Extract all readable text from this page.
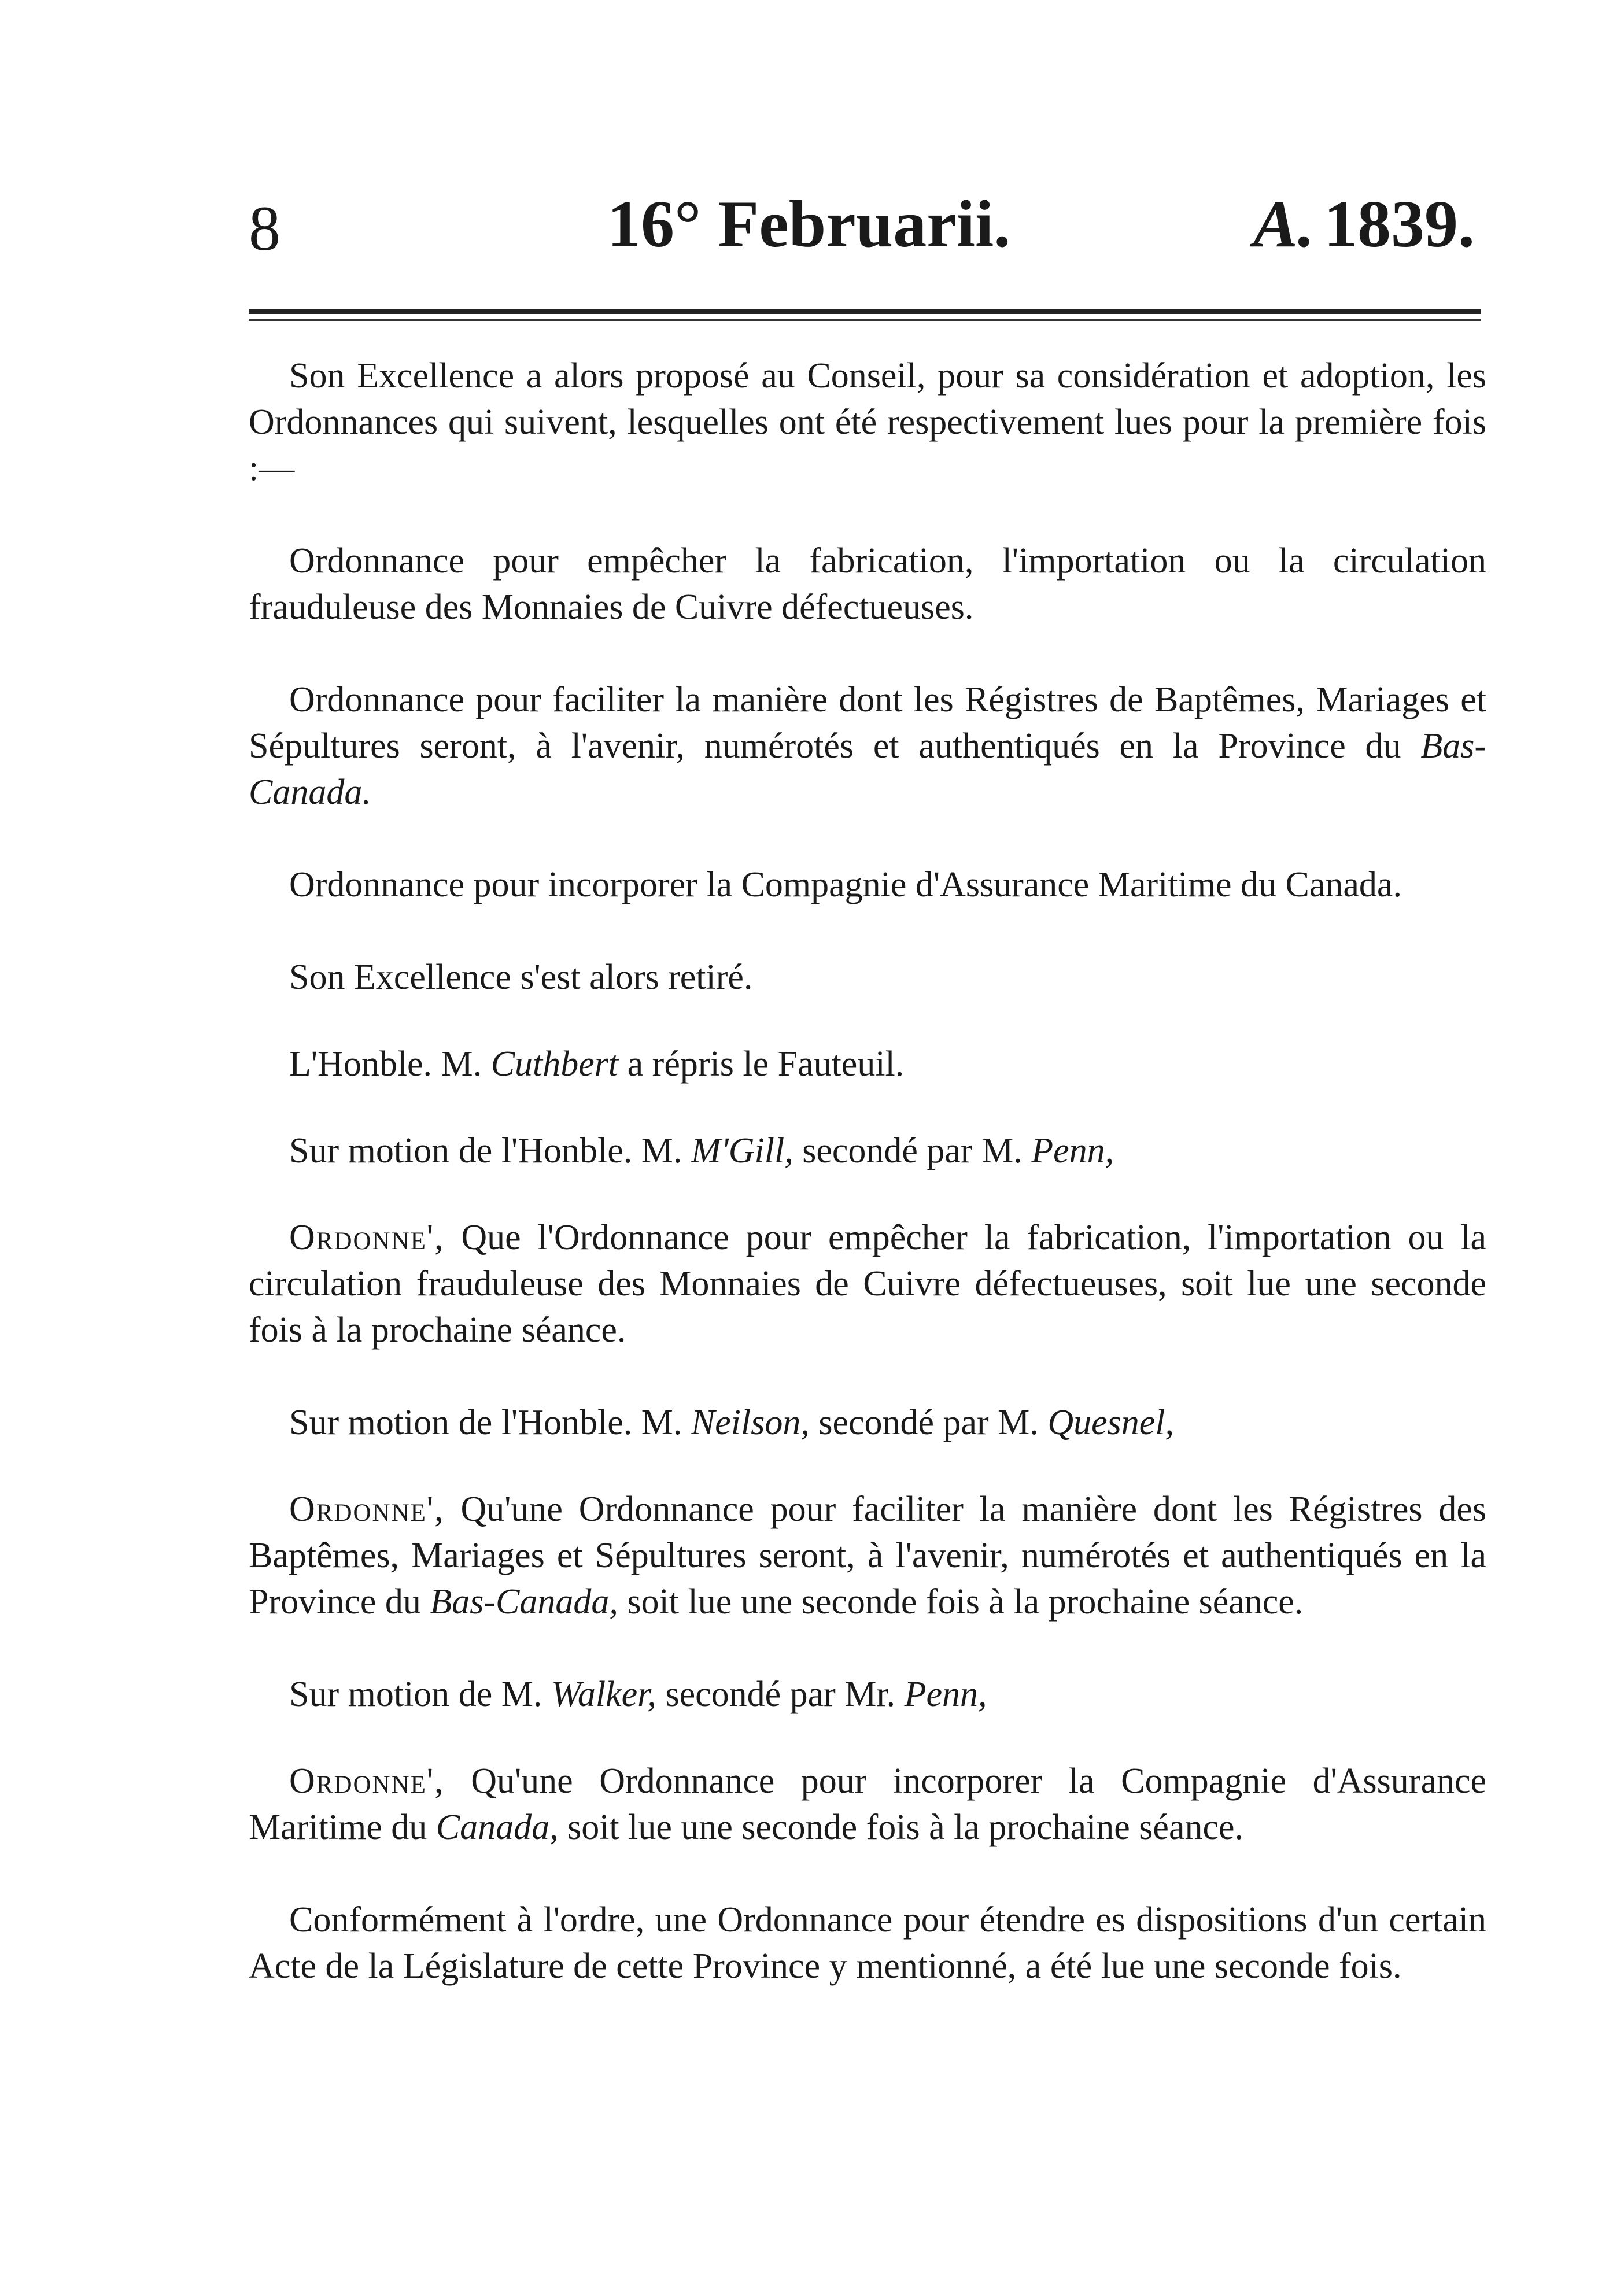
8	16° Februarii.	A. 1839.

Son Excellence a alors proposé au Conseil, pour sa considération et adoption, les Ordonnances qui suivent, lesquelles ont été respectivement lues pour la première fois :—

Ordonnance pour empêcher la fabrication, l'importation ou la circulation frauduleuse des Monnaies de Cuivre défectueuses.

Ordonnance pour faciliter la manière dont les Régistres de Baptêmes, Mariages et Sépultures seront, à l'avenir, numérotés et authentiqués en la Province du Bas-Canada.

Ordonnance pour incorporer la Compagnie d'Assurance Maritime du Canada.

Son Excellence s'est alors retiré.

L'Honble. M. Cuthbert a répris le Fauteuil.

Sur motion de l'Honble. M. M'Gill, secondé par M. Penn,

Ordonne', Que l'Ordonnance pour empêcher la fabrication, l'importation ou la circulation frauduleuse des Monnaies de Cuivre défectueuses, soit lue une seconde fois à la prochaine séance.

Sur motion de l'Honble. M. Neilson, secondé par M. Quesnel,

Ordonne', Qu'une Ordonnance pour faciliter la manière dont les Régistres des Baptêmes, Mariages et Sépultures seront, à l'avenir, numérotés et authentiqués en la Province du Bas-Canada, soit lue une seconde fois à la prochaine séance.

Sur motion de M. Walker, secondé par Mr. Penn,

Ordonne', Qu'une Ordonnance pour incorporer la Compagnie d'Assurance Maritime du Canada, soit lue une seconde fois à la prochaine séance.

Conformément à l'ordre, une Ordonnance pour étendre es dispositions d'un certain Acte de la Législature de cette Province y mentionné, a été lue une seconde fois.
